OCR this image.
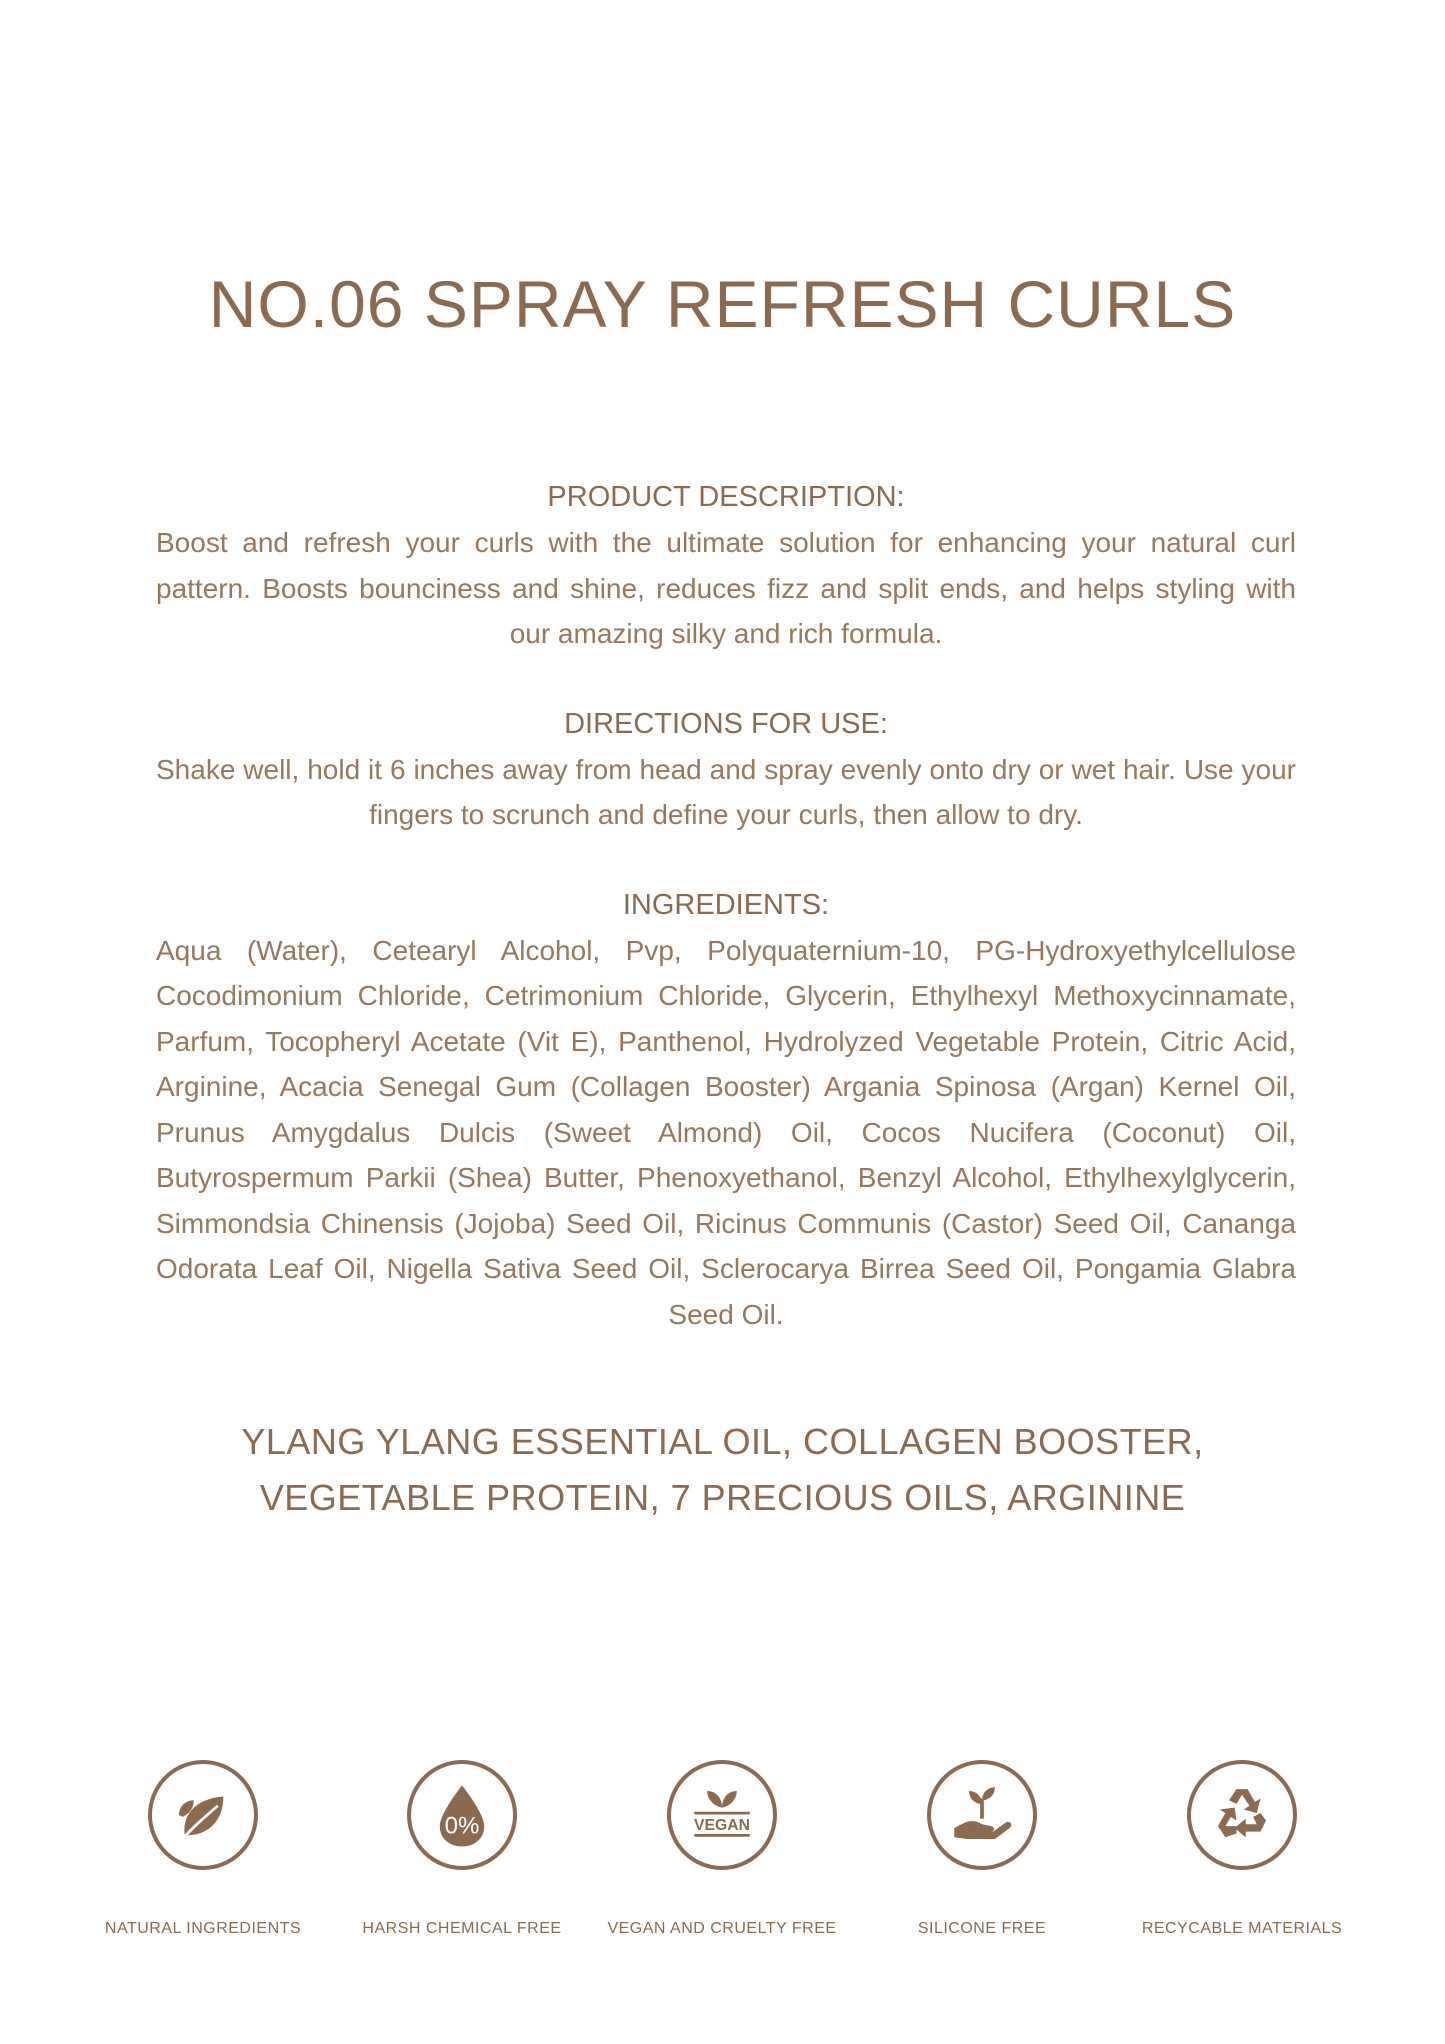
NO.06 SPRAY REFRESH CURLS

PRODUCT DESCRIPTION:

Boost and refresh your curls with the ultimate solution for enhancing your natural curl pattern. Boosts bounciness and shine, reduces fizz and split ends, and helps styling with our amazing silky and rich formula.

DIRECTIONS FOR USE:

Shake well, hold it 6 inches away from head and spray evenly onto dry or wet hair. Use your fingers to scrunch and define your curls, then allow to dry.

INGREDIENTS:

Aqua (Water), Cetearyl Alcohol, Pvp, Polyquaternium-10, PG-Hydroxyethylcellulose Cocodimonium Chloride, Cetrimonium Chloride, Glycerin, Ethylhexyl Methoxycinnamate, Parfum, Tocopheryl Acetate (Vit E), Panthenol, Hydrolyzed Vegetable Protein, Citric Acid, Arginine, Acacia Senegal Gum (Collagen Booster) Argania Spinosa (Argan) Kernel Oil, Prunus Amygdalus Dulcis (Sweet Almond) Oil, Cocos Nucifera (Coconut) Oil, Butyrospermum Parkii (Shea) Butter, Phenoxyethanol, Benzyl Alcohol, Ethylhexylglycerin, Simmondsia Chinensis (Jojoba) Seed Oil, Ricinus Communis (Castor) Seed Oil, Cananga Odorata Leaf Oil, Nigella Sativa Seed Oil, Sclerocarya Birrea Seed Oil, Pongamia Glabra Seed Oil.

YLANG YLANG ESSENTIAL OIL, COLLAGEN BOOSTER, VEGETABLE PROTEIN, 7 PRECIOUS OILS, ARGININE

NATURAL INGREDIENTS
0%
HARSH CHEMICAL FREE
VEGAN
VEGAN AND CRUELTY FREE	SILICONE FREE	RECYCABLE MATERIALS
